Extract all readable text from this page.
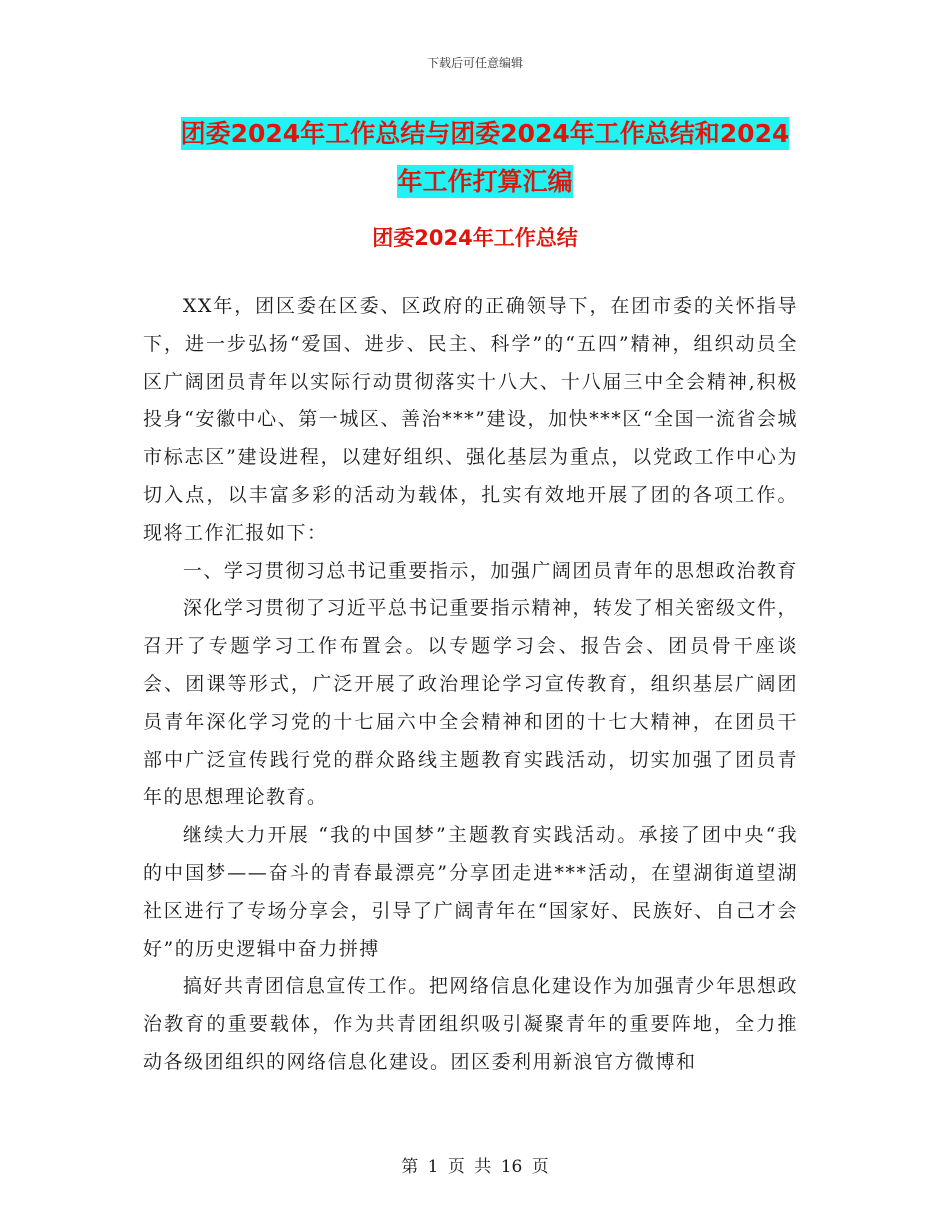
下载后可任意编辑
团委2024年工作总结与团委2024年工作总结和2024
年工作打算汇编
团委2024年工作总结

XX年，团区委在区委、区政府的正确领导下，在团市委的关怀指导下，进一步弘扬“爱国、进步、民主、科学”的“五四”精神，组织动员全区广阔团员青年以实际行动贯彻落实十八大、十八届三中全会精神,积极投身“安徽中心、第一城区、善治***”建设，加快***区“全国一流省会城市标志区”建设进程，以建好组织、强化基层为重点，以党政工作中心为切入点，以丰富多彩的活动为载体，扎实有效地开展了团的各项工作。现将工作汇报如下：

一、学习贯彻习总书记重要指示，加强广阔团员青年的思想政治教育

深化学习贯彻了习近平总书记重要指示精神，转发了相关密级文件，召开了专题学习工作布置会。以专题学习会、报告会、团员骨干座谈会、团课等形式，广泛开展了政治理论学习宣传教育，组织基层广阔团员青年深化学习党的十七届六中全会精神和团的十七大精神，在团员干部中广泛宣传践行党的群众路线主题教育实践活动，切实加强了团员青年的思想理论教育。

继续大力开展 “我的中国梦”主题教育实践活动。承接了团中央“我的中国梦——奋斗的青春最漂亮”分享团走进***活动，在望湖街道望湖社区进行了专场分享会，引导了广阔青年在“国家好、民族好、自己才会好”的历史逻辑中奋力拼搏

搞好共青团信息宣传工作。把网络信息化建设作为加强青少年思想政治教育的重要载体，作为共青团组织吸引凝聚青年的重要阵地，全力推动各级团组织的网络信息化建设。团区委利用新浪官方微博和

第 1 页 共 16 页
